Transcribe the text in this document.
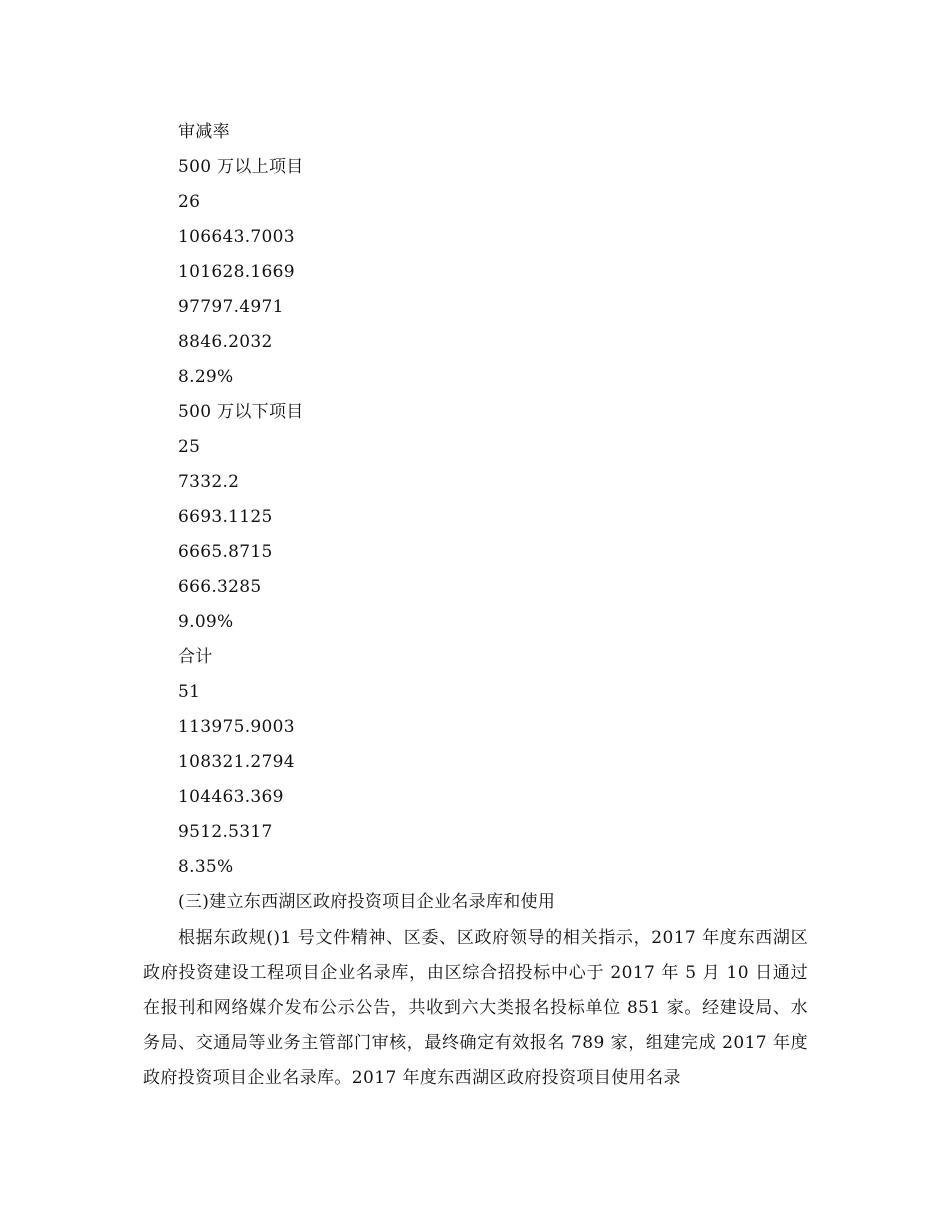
审减率
500 万以上项目
26
106643.7003
101628.1669
97797.4971
8846.2032
8.29%
500 万以下项目
25
7332.2
6693.1125
6665.8715
666.3285
9.09%
合计
51
113975.9003
108321.2794
104463.369
9512.5317
8.35%
(三)建立东西湖区政府投资项目企业名录库和使用
根据东政规()1 号文件精神、区委、区政府领导的相关指示，2017 年度东西湖区政府投资建设工程项目企业名录库，由区综合招投标中心于 2017 年 5 月 10 日通过在报刊和网络媒介发布公示公告，共收到六大类报名投标单位 851 家。经建设局、水务局、交通局等业务主管部门审核，最终确定有效报名 789 家，组建完成 2017 年度政府投资项目企业名录库。2017 年度东西湖区政府投资项目使用名录
